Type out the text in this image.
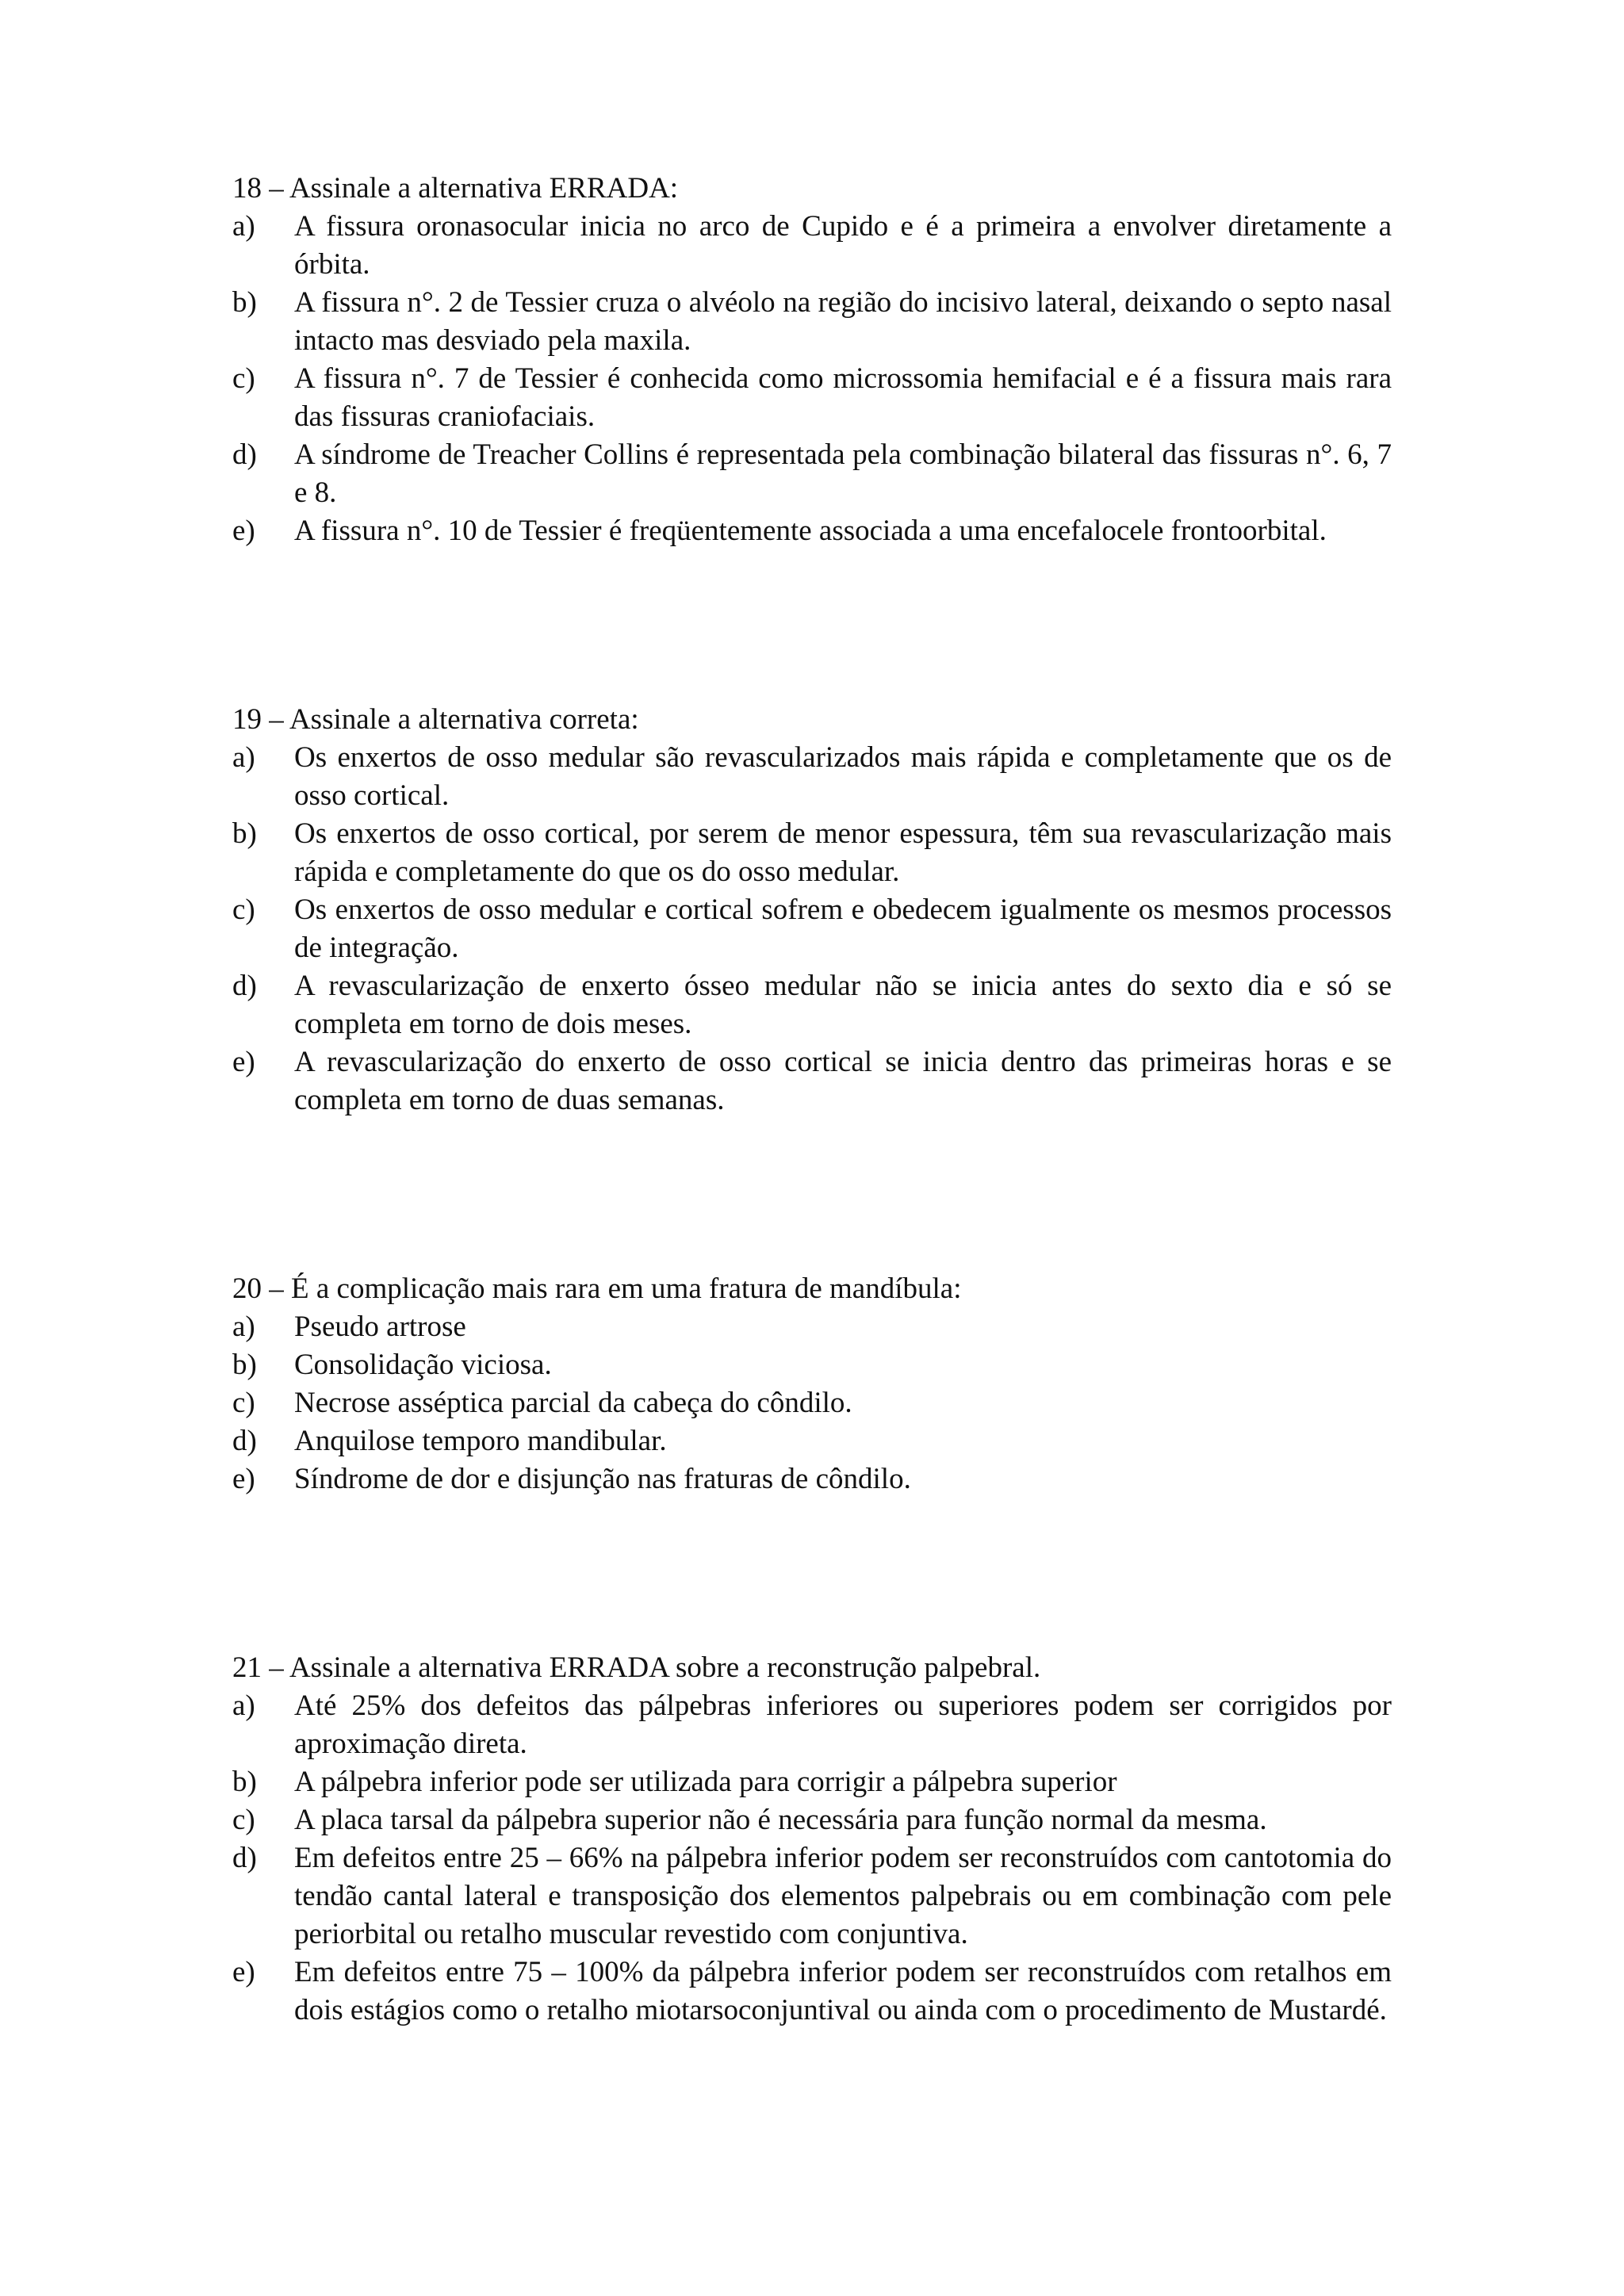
18 – Assinale a alternativa ERRADA:

a)	A fissura oronasocular inicia no arco de Cupido e é a primeira a envolver diretamente a órbita.
b)	A fissura n°. 2 de Tessier cruza o alvéolo na região do incisivo lateral, deixando o septo nasal intacto mas desviado pela maxila.
c)	A fissura n°. 7 de Tessier é conhecida como microssomia hemifacial e é a fissura mais rara das fissuras craniofaciais.
d)	A síndrome de Treacher Collins é representada pela combinação bilateral das fissuras n°. 6, 7 e 8.
e)	A fissura n°. 10 de Tessier é freqüentemente associada a uma encefalocele frontoorbital.

19 – Assinale a alternativa correta:

a)	Os enxertos de osso medular são revascularizados mais rápida e completamente que os de osso cortical.
b)	Os enxertos de osso cortical, por serem de menor espessura, têm sua revascularização mais rápida e completamente do que os do osso medular.
c)	Os enxertos de osso medular e cortical sofrem e obedecem igualmente os mesmos processos de integração.
d)	A revascularização de enxerto ósseo medular não se inicia antes do sexto dia e só se completa em torno de dois meses.
e)	A revascularização do enxerto de osso cortical se inicia dentro das primeiras horas e se completa em torno de duas semanas.

20 – É a complicação mais rara em uma fratura de mandíbula:

a)	Pseudo artrose
b)	Consolidação viciosa.
c)	Necrose asséptica parcial da cabeça do côndilo.
d)	Anquilose temporo mandibular.
e)	Síndrome de dor e disjunção nas fraturas de côndilo.

21 – Assinale a alternativa ERRADA sobre a reconstrução palpebral.

a)	Até 25% dos defeitos das pálpebras inferiores ou superiores podem ser corrigidos por aproximação direta.
b)	A pálpebra inferior pode ser utilizada para corrigir a pálpebra superior
c)	A placa tarsal da pálpebra superior não é necessária para função normal da mesma.
d)	Em defeitos entre 25 – 66% na pálpebra inferior podem ser reconstruídos com cantotomia do tendão cantal lateral e transposição dos elementos palpebrais ou em combinação com pele periorbital ou retalho muscular revestido com conjuntiva.
e)	Em defeitos entre 75 – 100% da pálpebra inferior podem ser reconstruídos com retalhos em dois estágios como o retalho miotarsoconjuntival ou ainda com o procedimento de Mustardé.
